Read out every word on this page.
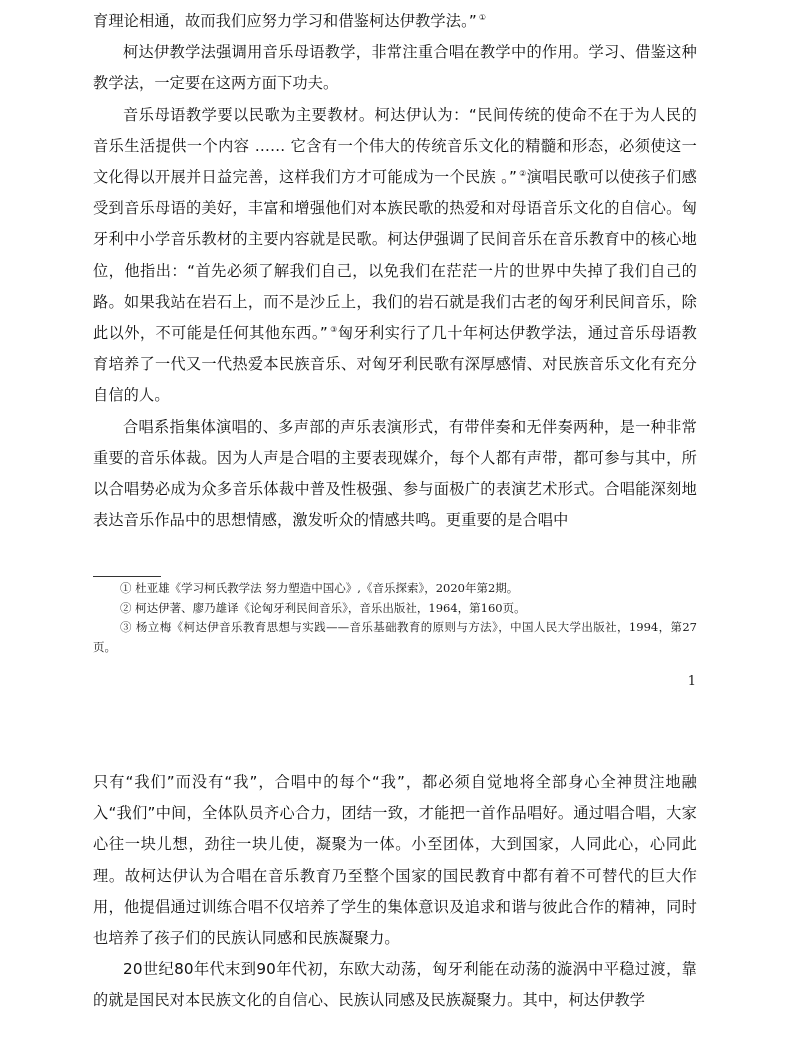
育理论相通，故而我们应努力学习和借鉴柯达伊教学法。” ①

柯达伊教学法强调用音乐母语教学，非常注重合唱在教学中的作用。学习、借鉴这种教学法，一定要在这两方面下功夫。

音乐母语教学要以民歌为主要教材。柯达伊认为：“民间传统的使命不在于为人民的音乐生活提供一个内容 …… 它含有一个伟大的传统音乐文化的精髓和形态，必须使这一文化得以开展并日益完善，这样我们方才可能成为一个民族 。” ②演唱民歌可以使孩子们感受到音乐母语的美好，丰富和增强他们对本族民歌的热爱和对母语音乐文化的自信心。匈牙利中小学音乐教材的主要内容就是民歌。柯达伊强调了民间音乐在音乐教育中的核心地位，他指出：“首先必须了解我们自己，以免我们在茫茫一片的世界中失掉了我们自己的路。如果我站在岩石上，而不是沙丘上，我们的岩石就是我们古老的匈牙利民间音乐，除此以外，不可能是任何其他东西。” ③匈牙利实行了几十年柯达伊教学法，通过音乐母语教育培养了一代又一代热爱本民族音乐、对匈牙利民歌有深厚感情、对民族音乐文化有充分自信的人。

合唱系指集体演唱的、多声部的声乐表演形式，有带伴奏和无伴奏两种，是一种非常重要的音乐体裁。因为人声是合唱的主要表现媒介，每个人都有声带，都可参与其中，所以合唱势必成为众多音乐体裁中普及性极强、参与面极广的表演艺术形式。合唱能深刻地表达音乐作品中的思想情感，激发听众的情感共鸣。更重要的是合唱中

① 杜亚雄《学习柯氏教学法 努力塑造中国心》,《音乐探索》，2020年第2期。

② 柯达伊著、廖乃雄译《论匈牙利民间音乐》，音乐出版社，1964，第160页。

③ 杨立梅《柯达伊音乐教育思想与实践——音乐基础教育的原则与方法》，中国人民大学出版社，1994，第27页。

1

只有“我们”而没有“我”，合唱中的每个“我”，都必须自觉地将全部身心全神贯注地融入“我们”中间，全体队员齐心合力，团结一致，才能把一首作品唱好。通过唱合唱，大家心往一块儿想，劲往一块儿使，凝聚为一体。小至团体，大到国家，人同此心，心同此理。故柯达伊认为合唱在音乐教育乃至整个国家的国民教育中都有着不可替代的巨大作用，他提倡通过训练合唱不仅培养了学生的集体意识及追求和谐与彼此合作的精神，同时也培养了孩子们的民族认同感和民族凝聚力。

20世纪80年代末到90年代初，东欧大动荡，匈牙利能在动荡的漩涡中平稳过渡，靠的就是国民对本民族文化的自信心、民族认同感及民族凝聚力。其中，柯达伊教学
